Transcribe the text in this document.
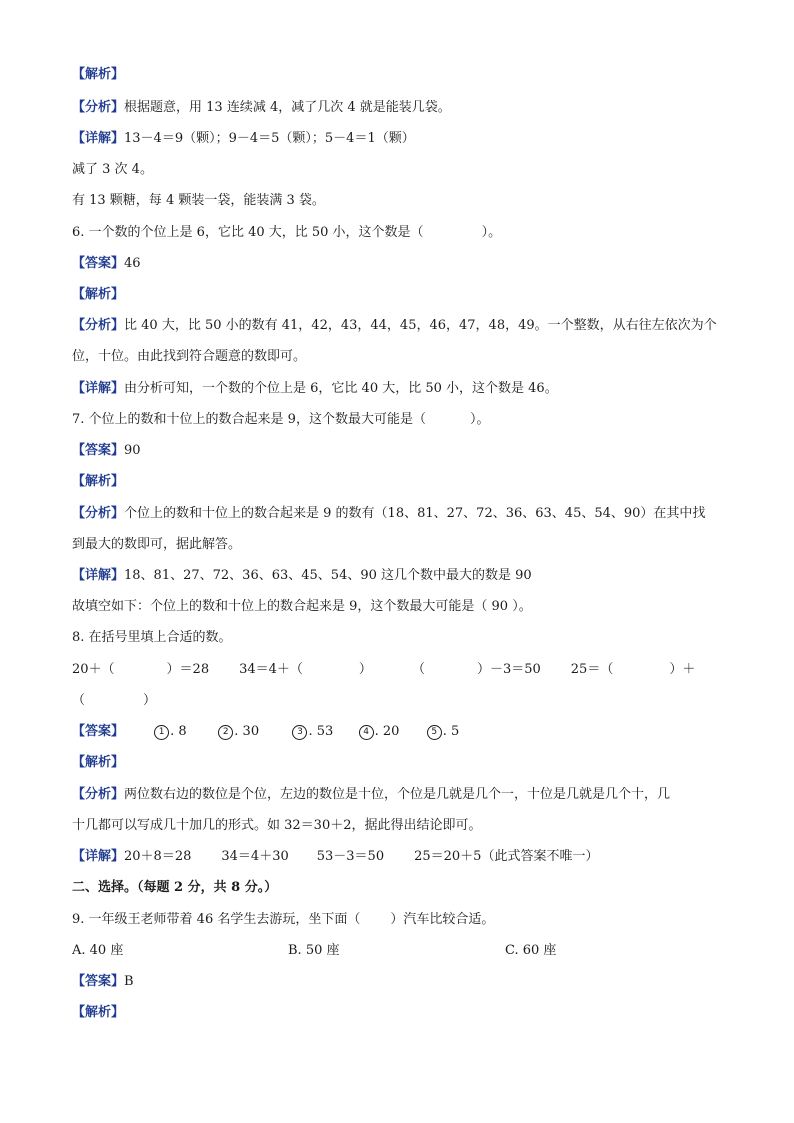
【解析】
【分析】根据题意，用 13 连续减 4，减了几次 4 就是能装几袋。
【详解】13－4＝9（颗）；9－4＝5（颗）；5－4＝1（颗）
减了 3 次 4。
有 13 颗糖，每 4 颗装一袋，能装满 3 袋。
6. 一个数的个位上是 6，它比 40 大，比 50 小，这个数是（	）。
【答案】46
【解析】
【分析】比 40 大，比 50 小的数有 41，42，43，44，45，46，47，48，49。一个整数，从右往左依次为个
位，十位。由此找到符合题意的数即可。
【详解】由分析可知，一个数的个位上是 6，它比 40 大，比 50 小，这个数是 46。
7. 个位上的数和十位上的数合起来是 9，这个数最大可能是（	）。
【答案】90
【解析】
【分析】个位上的数和十位上的数合起来是 9 的数有（18、81、27、72、36、63、45、54、90）在其中找
到最大的数即可，据此解答。
【详解】18、81、27、72、36、63、45、54、90 这几个数中最大的数是 90
故填空如下：个位上的数和十位上的数合起来是 9，这个数最大可能是（ 90 ）。
8. 在括号里填上合适的数。
20＋（	）＝28 34＝4＋（	）	（	）－3＝50 25＝（	）＋
（	）
【答案】	1 . 8	2 . 30	3 . 53	4 . 20	5 . 5
【解析】
【分析】两位数右边的数位是个位，左边的数位是十位，个位是几就是几个一，十位是几就是几个十，几
十几都可以写成几十加几的形式。如 32＝30＋2，据此得出结论即可。
【详解】20＋8＝28 34＝4＋30 53－3＝50 25＝20＋5（此式答案不唯一）
二、选择。（每题 2 分，共 8 分。）
9. 一年级王老师带着 46 名学生去游玩，坐下面（ ）汽车比较合适。
A. 40 座	B. 50 座	C. 60 座
【答案】B
【解析】
